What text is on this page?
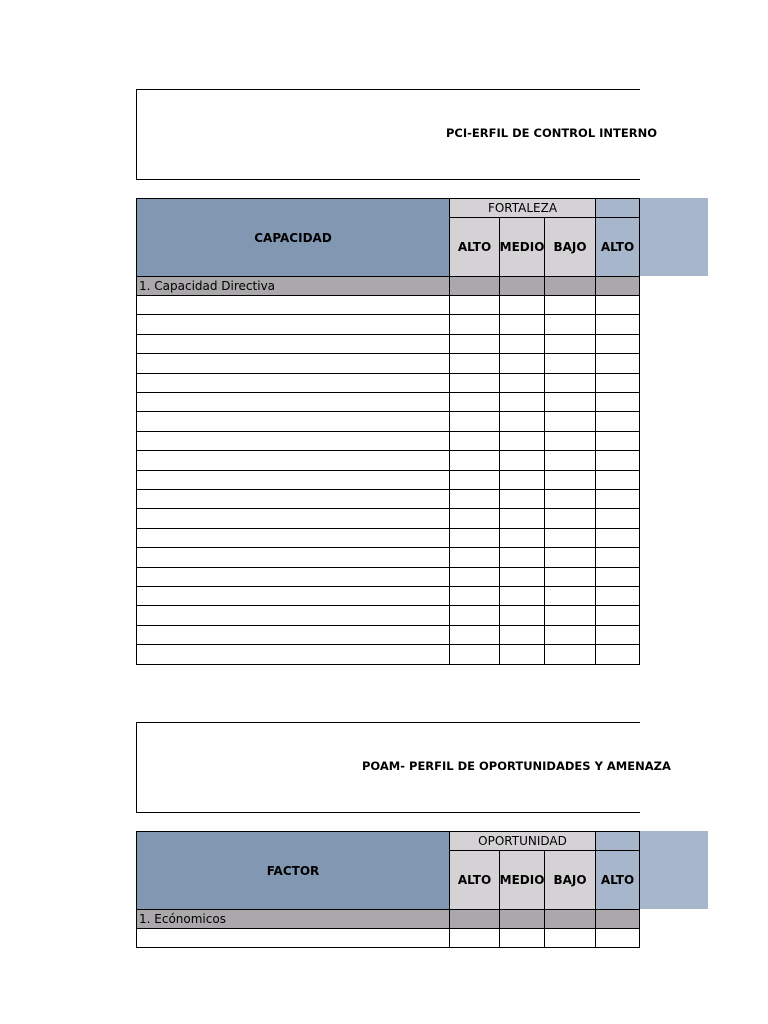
PCI-ERFIL DE CONTROL INTERNO
CAPACIDAD
FORTALEZA
ALTO MEDIO BAJO ALTO
1. Capacidad Directiva
POAM- PERFIL DE OPORTUNIDADES Y AMENAZA
FACTOR
OPORTUNIDAD
ALTO MEDIO BAJO ALTO
1. Ecónomicos
